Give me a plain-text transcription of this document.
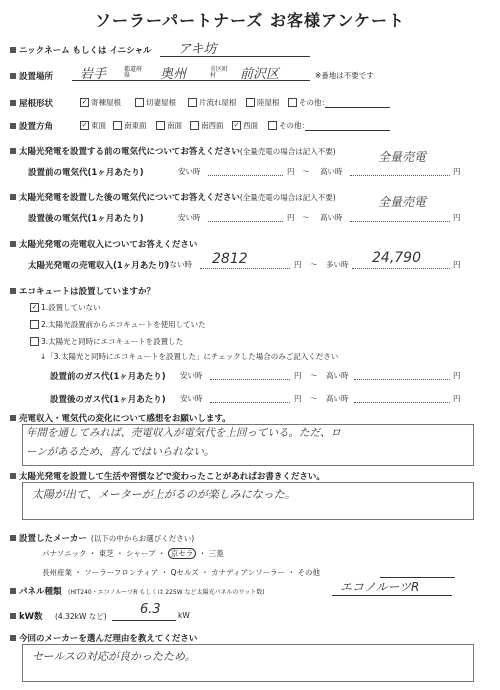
ソーラーパートナーズ お客様アンケート
ニックネーム もしくは イニシャル アキ坊
設置場所 岩手	都道府県	奥州	市区町村	前沢区	※番地は不要です
屋根形状	✓ 寄棟屋根	切妻屋根	片流れ屋根	陸屋根	その他：
設置方角	✓ 東面	南東面	南面	南西面 ✓ 西面	その他：
太陽光発電を設置する前の電気代についてお答えください(全量売電の場合は記入不要)	全量売電
設置前の電気代(1ヶ月あたり)	安い時	円 ～ 高い時	円
太陽光発電を設置した後の電気代についてお答えください(全量売電の場合は記入不要)	全量売電
設置後の電気代(1ヶ月あたり)	安い時	円 ～ 高い時	円
太陽光発電の売電収入についてお答えください
太陽光発電の売電収入(1ヶ月あたり)
少ない時 2812	円 ～ 多い時 24,790	円
エコキュートは設置していますか？
✓ 1.設置していない
2.太陽光設置前からエコキュートを使用していた
3.太陽光と同時にエコキュートを設置した
↓「3.太陽光と同時にエコキュートを設置した」にチェックした場合のみご記入ください
設置前のガス代(1ヶ月あたり) 安い時	円 ～ 高い時	円
設置後のガス代(1ヶ月あたり) 安い時	円 ～ 高い時	円
売電収入・電気代の変化について感想をお願いします。
年間を通してみれば、売電収入が電気代を上回っている。ただ、ロ
ーンがあるため、喜んではいられない。
太陽光発電を設置して生活や習慣などで変わったことがあればお書きください。
太陽が出て、メーターが上がるのが楽しみになった。
設置したメーカー (以下の中からお選びください)
パナソニック ・ 東芝 ・ シャープ ・ 京セラ ・ 三菱
長州産業 ・ ソーラーフロンティア ・ Qセルズ ・ カナディアンソーラー ・ その他
パネル種類 (HIT240・エコノルーツR もしくは 225W など太陽光パネルのワット数)	エコノルーツR
kW数 (4.32kW など)	6.3 kW
今回のメーカーを選んだ理由を教えてください
セールスの対応が良かったため。
